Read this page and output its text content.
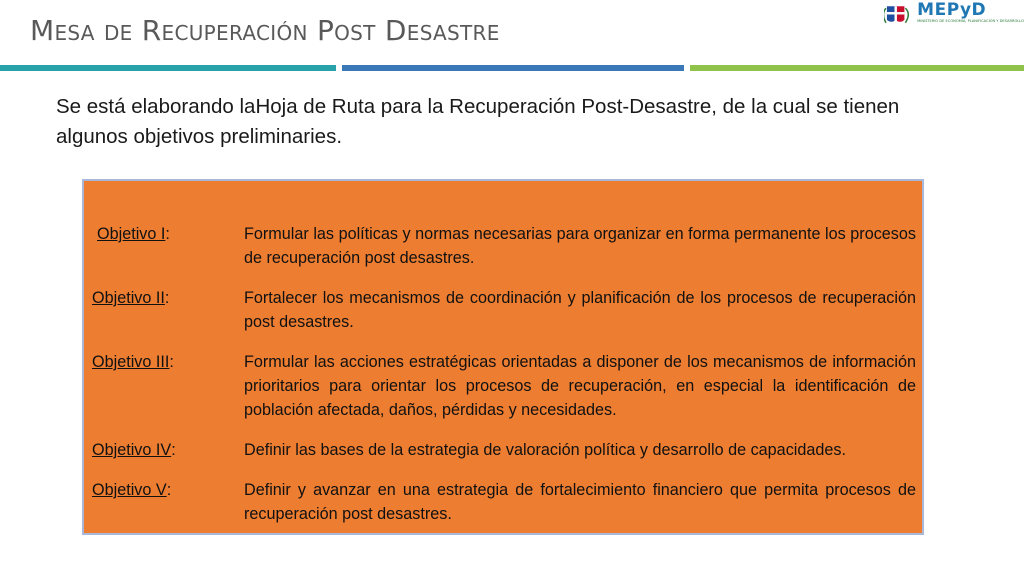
Mesa de Recuperación Post Desastre
MEPyD
MINISTERIO DE ECONOMÍA, PLANIFICACIÓN Y DESARROLLO
Se está elaborando laHoja de Ruta para la Recuperación Post-Desastre, de la cual se tienen algunos objetivos preliminaries.
Objetivo I:	Formular las políticas y normas necesarias para organizar en forma permanente los procesos de recuperación post desastres.
Objetivo II:	Fortalecer los mecanismos de coordinación y planificación de los procesos de recuperación post desastres.
Objetivo III:	Formular las acciones estratégicas orientadas a disponer de los mecanismos de información prioritarios para orientar los procesos de recuperación, en especial la identificación de población afectada, daños, pérdidas y necesidades.
Objetivo IV:	Definir las bases de la estrategia de valoración política y desarrollo de capacidades.
Objetivo V:	Definir y avanzar en una estrategia de fortalecimiento financiero que permita procesos de recuperación post desastres.
